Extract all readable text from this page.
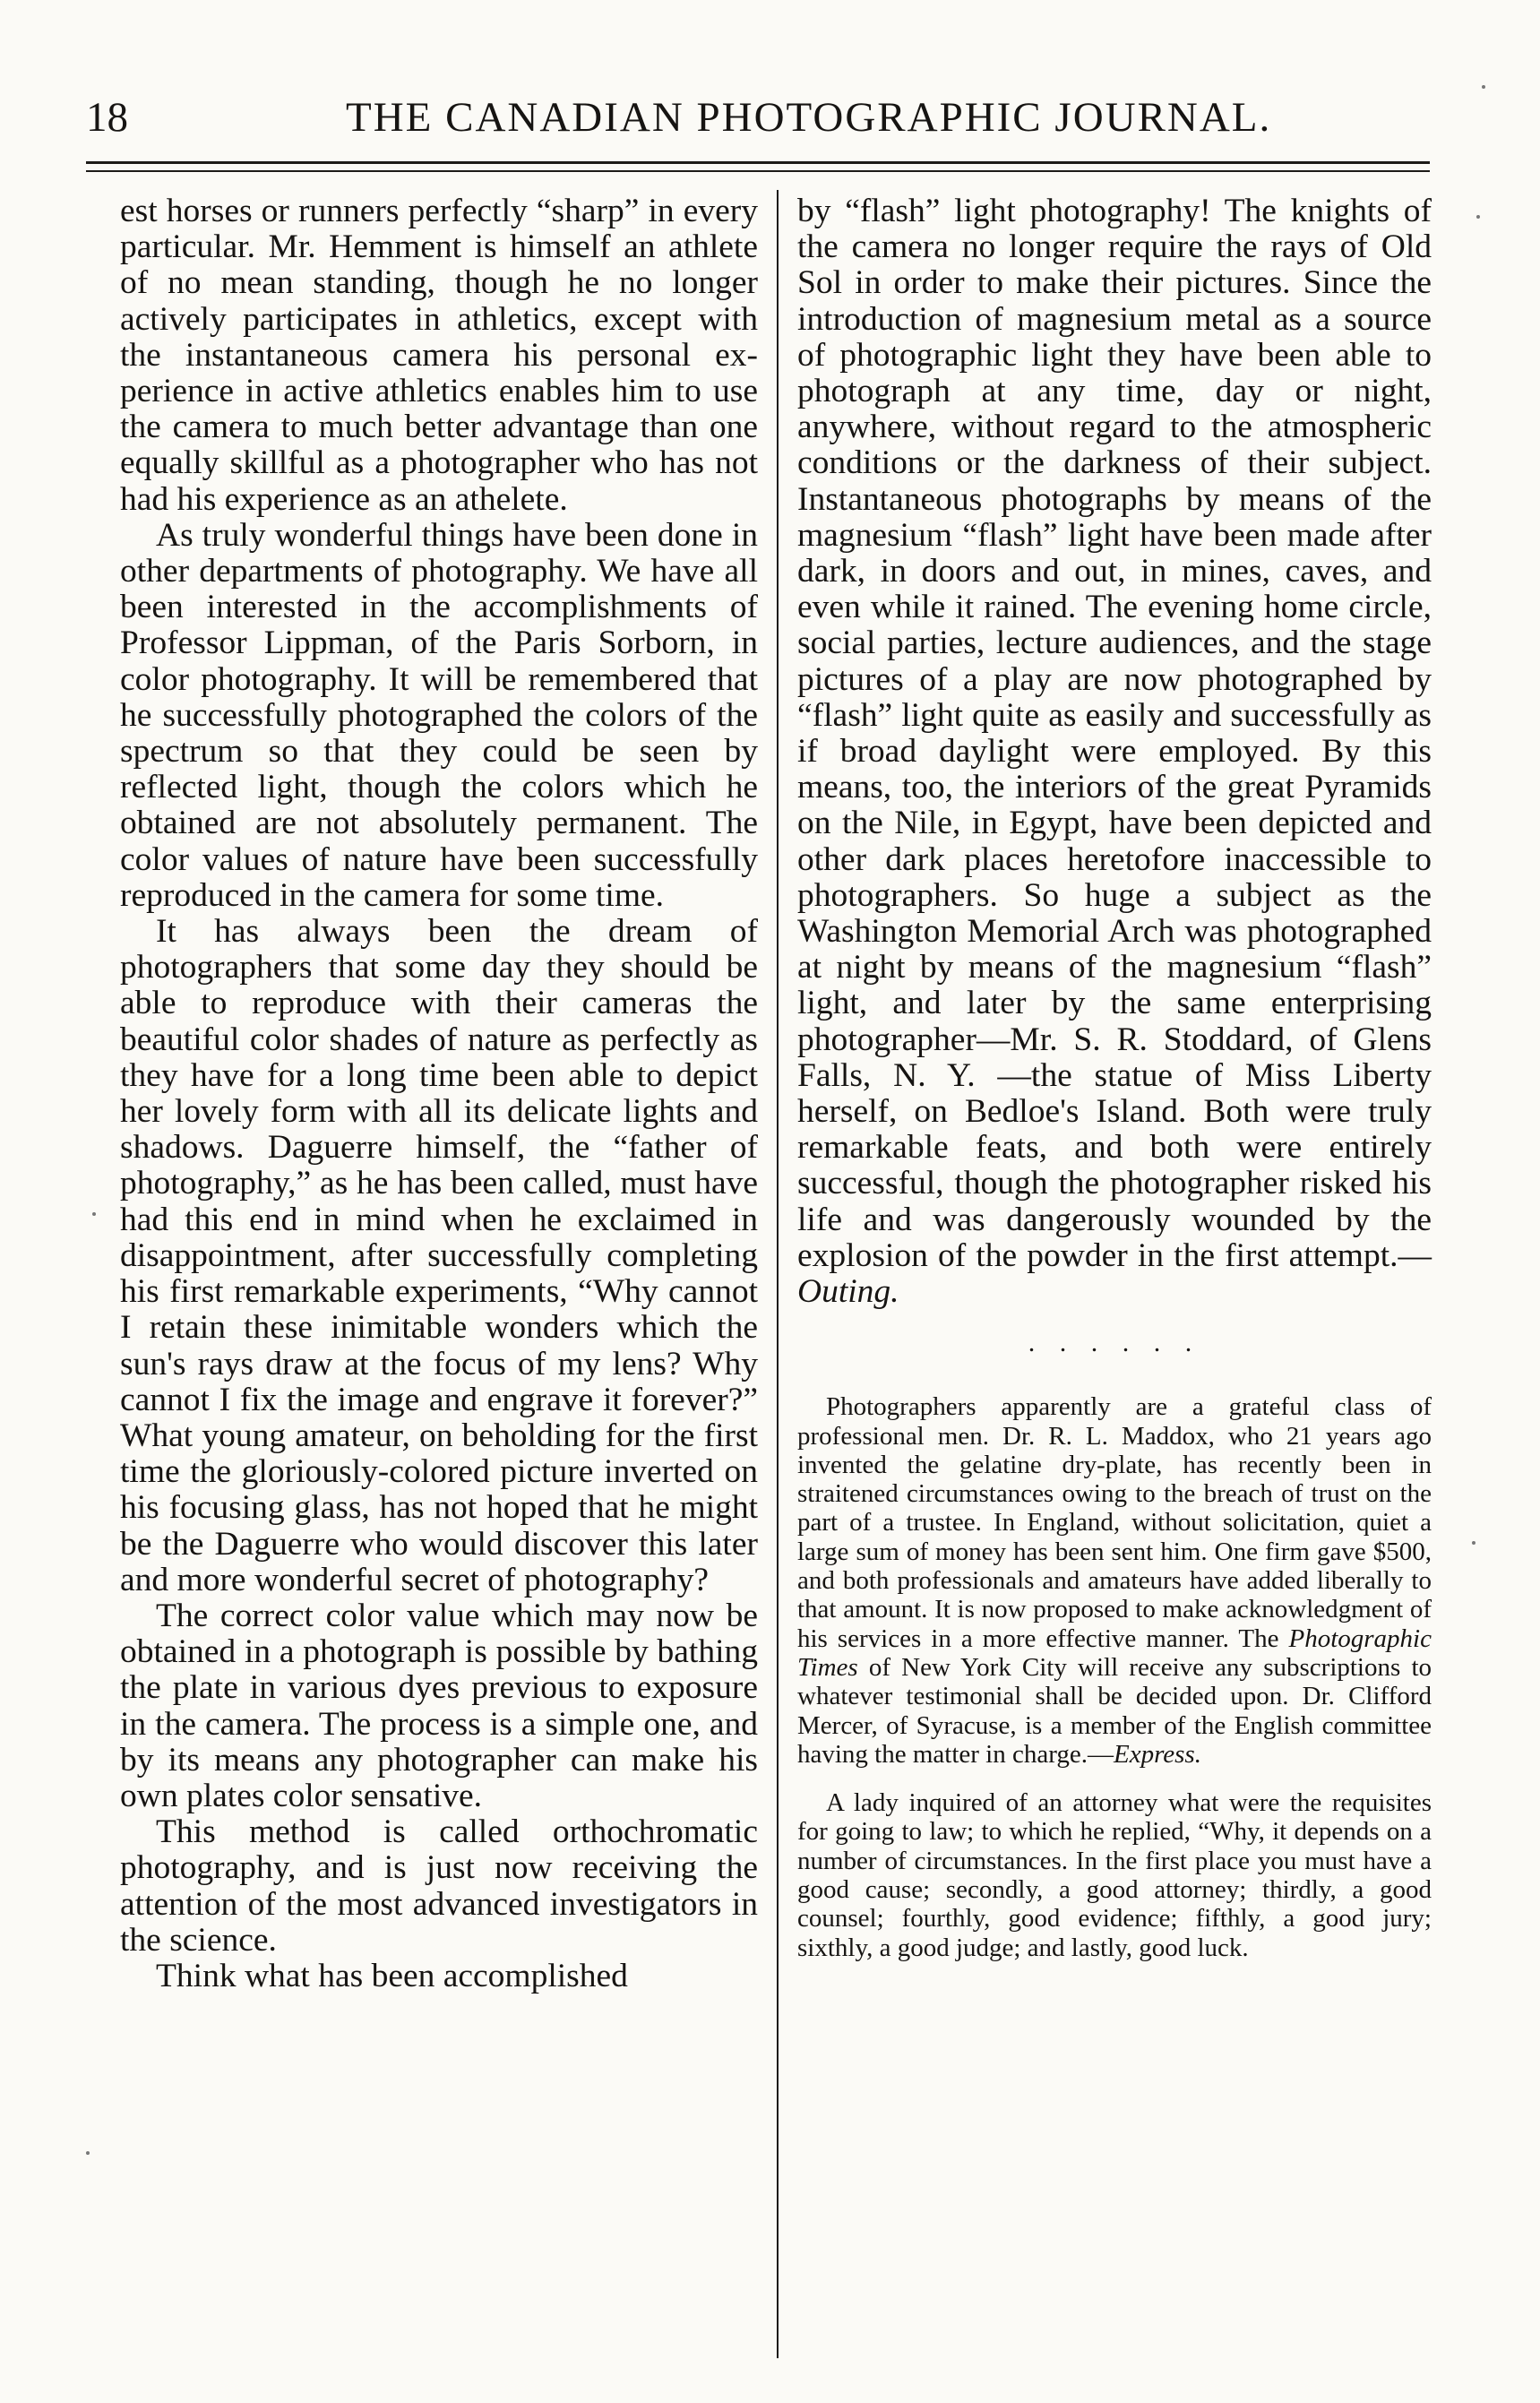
18	THE CANADIAN PHOTOGRAPHIC JOURNAL.

est horses or runners perfectly “sharp” in every particular. Mr. Hemment is himself an athlete of no mean standing, though he no longer actively participates in athletics, except with the instantaneous camera his personal experience in active athletics enables him to use the camera to much better advantage than one equally skillful as a photographer who has not had his experience as an athelete.

As truly wonderful things have been done in other departments of photography. We have all been interested in the accomplishments of Professor Lippman, of the Paris Sorborn, in color photography. It will be remembered that he successfully photographed the colors of the spectrum so that they could be seen by reflected light, though the colors which he obtained are not absolutely permanent. The color values of nature have been successfully reproduced in the camera for some time.

It has always been the dream of photographers that some day they should be able to reproduce with their cameras the beautiful color shades of nature as perfectly as they have for a long time been able to depict her lovely form with all its delicate lights and shadows. Daguerre himself, the “father of photography,” as he has been called, must have had this end in mind when he exclaimed in disappointment, after successfully completing his first remarkable experiments, “Why cannot I retain these inimitable wonders which the sun's rays draw at the focus of my lens? Why cannot I fix the image and engrave it forever?” What young amateur, on beholding for the first time the gloriously-colored picture inverted on his focusing glass, has not hoped that he might be the Daguerre who would discover this later and more wonderful secret of photography?

The correct color value which may now be obtained in a photograph is possible by bathing the plate in various dyes previous to exposure in the camera. The process is a simple one, and by its means any photographer can make his own plates color sensative.

This method is called orthochromatic photography, and is just now receiving the attention of the most advanced investigators in the science.

Think what has been accomplished

by “flash” light photography! The knights of the camera no longer require the rays of Old Sol in order to make their pictures. Since the introduction of magnesium metal as a source of photographic light they have been able to photograph at any time, day or night, anywhere, without regard to the atmospheric conditions or the darkness of their subject. Instantaneous photographs by means of the magnesium “flash” light have been made after dark, in doors and out, in mines, caves, and even while it rained. The evening home circle, social parties, lecture audiences, and the stage pictures of a play are now photographed by “flash” light quite as easily and successfully as if broad daylight were employed. By this means, too, the interiors of the great Pyramids on the Nile, in Egypt, have been depicted and other dark places heretofore inaccessible to photographers. So huge a subject as the Washington Memorial Arch was photographed at night by means of the magnesium “flash” light, and later by the same enterprising photographer—Mr. S. R. Stoddard, of Glens Falls, N. Y. —the statue of Miss Liberty herself, on Bedloe's Island. Both were truly remarkable feats, and both were entirely successful, though the photographer risked his life and was dangerously wounded by the explosion of the powder in the first attempt.—Outing.

. . . . . .

Photographers apparently are a grateful class of professional men. Dr. R. L. Maddox, who 21 years ago invented the gelatine dry-plate, has recently been in straitened circumstances owing to the breach of trust on the part of a trustee. In England, without solicitation, quiet a large sum of money has been sent him. One firm gave $500, and both professionals and amateurs have added liberally to that amount. It is now proposed to make acknowledgment of his services in a more effective manner. The Photographic Times of New York City will receive any subscriptions to whatever testimonial shall be decided upon. Dr. Clifford Mercer, of Syracuse, is a member of the English committee having the matter in charge.—Express.

A lady inquired of an attorney what were the requisites for going to law; to which he replied, “Why, it depends on a number of circumstances. In the first place you must have a good cause; secondly, a good attorney; thirdly, a good counsel; fourthly, good evidence; fifthly, a good jury; sixthly, a good judge; and lastly, good luck.
